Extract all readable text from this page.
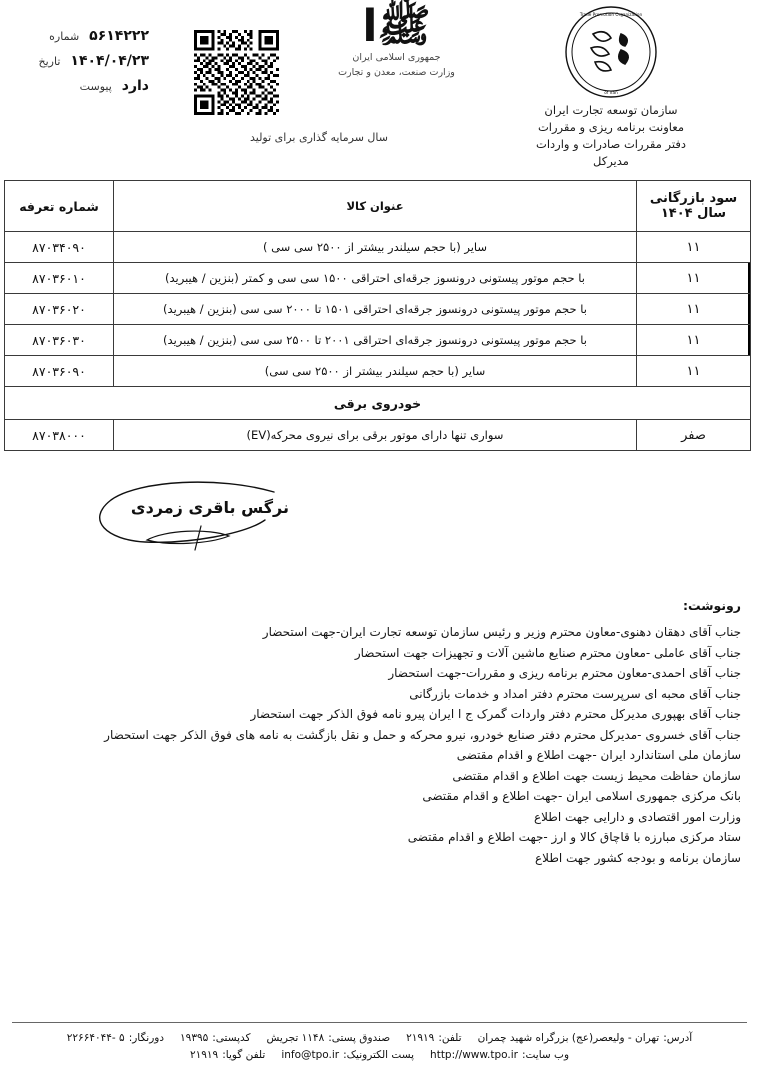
۵۶۱۴۲۲۲
شماره
۱۴۰۴/۰۴/۲۳
تاریخ
دارد
پیوست
ﷺا
جمهوری اسلامی ایران
وزارت صنعت، معدن و تجارت
Trade Promotion Organization
of Iran
سازمان توسعه تجارت ایران
معاونت برنامه ریزی و مقررات
دفتر مقررات صادرات و واردات
مدیرکل
سال سرمایه گذاری برای تولید
سود بازرگانی سال ۱۴۰۴	عنوان کالا	شماره تعرفه
۱۱	سایر (با حجم سیلندر بیشتر از ۲۵۰۰ سی سی )	۸۷۰۳۴۰۹۰
۱۱	با حجم موتور پیستونی درونسوز جرقه‌ای احتراقی ۱۵۰۰ سی سی و کمتر (بنزین / هیبرید)	۸۷۰۳۶۰۱۰
۱۱	با حجم موتور پیستونی درونسوز جرقه‌ای احتراقی ۱۵۰۱ تا ۲۰۰۰ سی سی (بنزین / هیبرید)	۸۷۰۳۶۰۲۰
۱۱	با حجم موتور پیستونی درونسوز جرقه‌ای احتراقی ۲۰۰۱ تا ۲۵۰۰ سی سی (بنزین / هیبرید)	۸۷۰۳۶۰۳۰
۱۱	سایر (با حجم سیلندر بیشتر از ۲۵۰۰ سی سی)	۸۷۰۳۶۰۹۰
خودروی برقی		
صفر	سواری تنها دارای موتور برقی برای نیروی محرکه(EV)	۸۷۰۳۸۰۰۰
نرگس باقری زمردی
رونوشت:
جناب آقای دهقان دهنوی-معاون محترم وزیر و رئیس سازمان توسعه تجارت ایران-جهت استحضار
جناب آقای عاملی -معاون محترم صنایع ماشین آلات و تجهیزات جهت استحضار
جناب آقای احمدی-معاون محترم برنامه ریزی و مقررات-جهت استحضار
جناب آقای محبه ای سرپرست محترم دفتر امداد و خدمات بازرگانی
جناب آقای بهپوری مدیرکل محترم دفتر واردات گمرک ج ا ایران پیرو نامه فوق الذکر جهت استحضار
جناب آقای خسروی -مدیرکل محترم دفتر صنایع خودرو، نیرو محرکه و حمل و نقل بازگشت به نامه های فوق الذکر جهت استحضار
سازمان ملی استاندارد ایران -جهت اطلاع و اقدام مقتضی
سازمان حفاظت محیط زیست جهت اطلاع و اقدام مقتضی
بانک مرکزی جمهوری اسلامی ایران -جهت اطلاع و اقدام مقتضی
وزارت امور اقتصادی و دارایی جهت اطلاع
ستاد مرکزی مبارزه با قاچاق کالا و ارز -جهت اطلاع و اقدام مقتضی
سازمان برنامه و بودجه کشور جهت اطلاع
آدرس:
تهران - ولیعصر(عج) بزرگراه شهید چمران
تلفن:
۲۱۹۱۹
صندوق پستی:
۱۱۴۸ تجریش
کدپستی:
۱۹۳۹۵
دورنگار:
۵ -۲۲۶۶۴۰۴۴
وب سایت:
http://www.tpo.ir
پست الکترونیک:
info@tpo.ir
تلفن گویا:
۲۱۹۱۹
